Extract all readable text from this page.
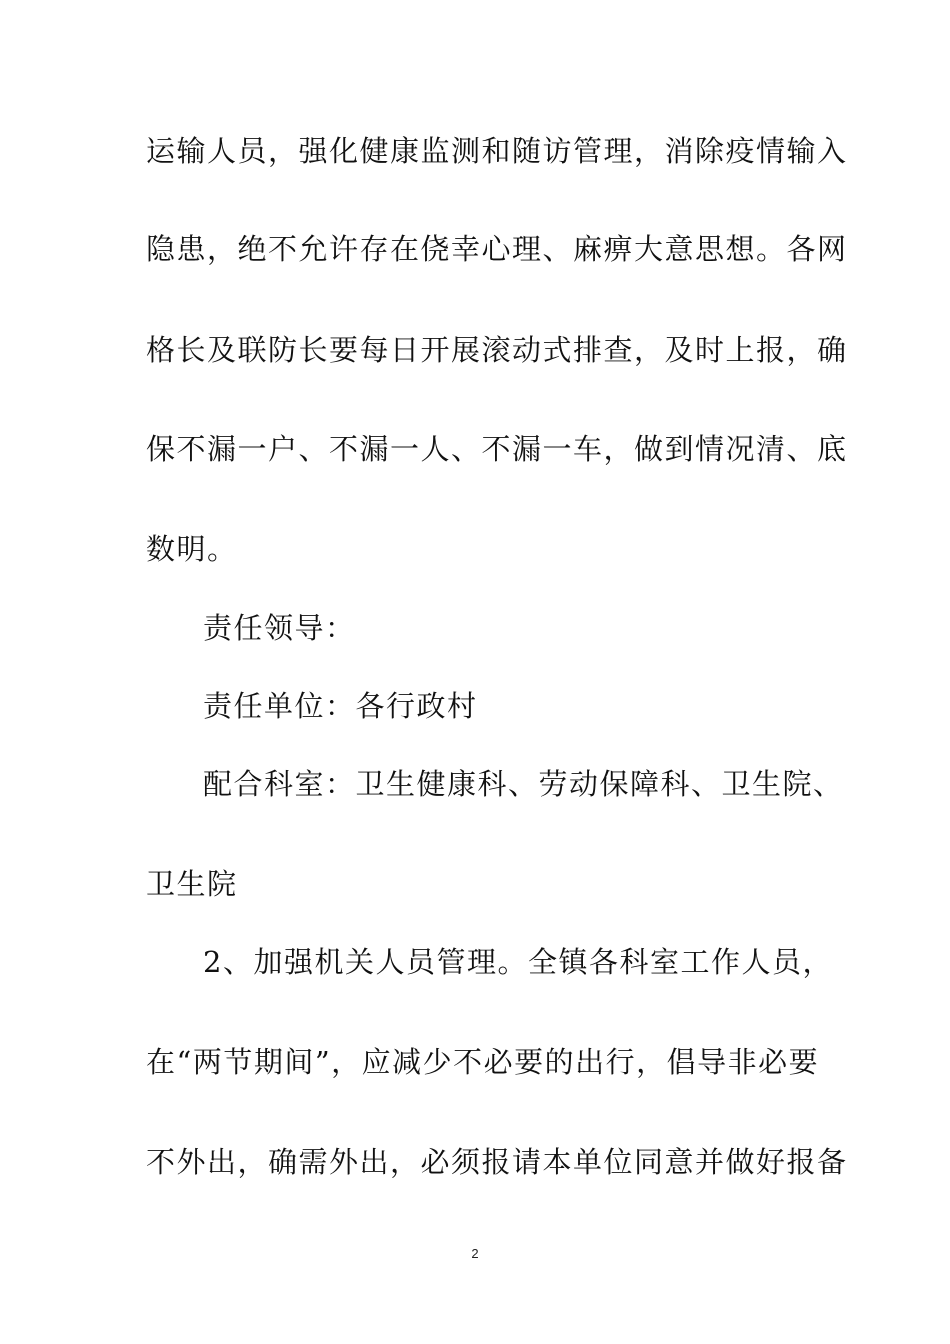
运输人员，强化健康监测和随访管理，消除疫情输入
隐患，绝不允许存在侥幸心理、麻痹大意思想。各网
格长及联防长要每日开展滚动式排查，及时上报，确
保不漏一户、不漏一人、不漏一车，做到情况清、底
数明。
责任领导：
责任单位：各行政村
配合科室：卫生健康科、劳动保障科、卫生院、
卫生院
2、加强机关人员管理。全镇各科室工作人员，
在“两节期间”，应减少不必要的出行，倡导非必要
不外出，确需外出，必须报请本单位同意并做好报备
2
